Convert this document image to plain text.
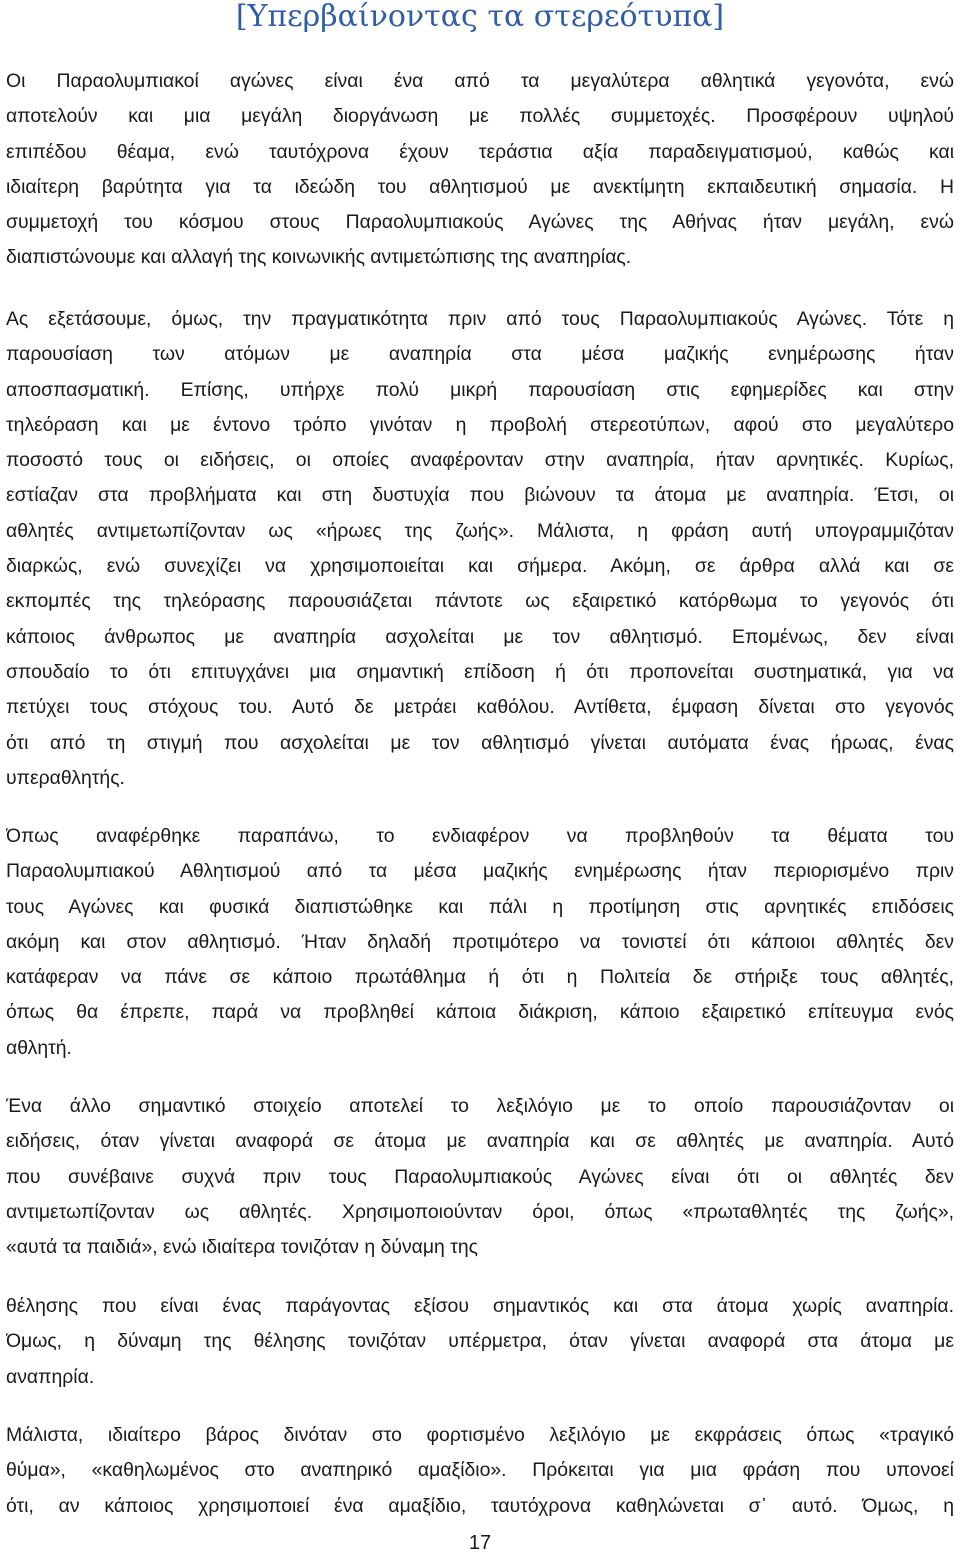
[Υπερβαίνοντας τα στερεότυπα]
Οι Παραολυμπιακοί αγώνες είναι ένα από τα μεγαλύτερα αθλητικά γεγονότα, ενώ
αποτελούν και μια μεγάλη διοργάνωση με πολλές συμμετοχές. Προσφέρουν υψηλού
επιπέδου θέαμα, ενώ ταυτόχρονα έχουν τεράστια αξία παραδειγματισμού, καθώς και
ιδιαίτερη βαρύτητα για τα ιδεώδη του αθλητισμού με ανεκτίμητη εκπαιδευτική σημασία. Η
συμμετοχή του κόσμου στους Παραολυμπιακούς Αγώνες της Αθήνας ήταν μεγάλη, ενώ
διαπιστώνουμε και αλλαγή της κοινωνικής αντιμετώπισης της αναπηρίας.
Ας εξετάσουμε, όμως, την πραγματικότητα πριν από τους Παραολυμπιακούς Αγώνες. Τότε η
παρουσίαση των ατόμων με αναπηρία στα μέσα μαζικής ενημέρωσης ήταν
αποσπασματική. Επίσης, υπήρχε πολύ μικρή παρουσίαση στις εφημερίδες και στην
τηλεόραση και με έντονο τρόπο γινόταν η προβολή στερεοτύπων, αφού στο μεγαλύτερο
ποσοστό τους οι ειδήσεις, οι οποίες αναφέρονταν στην αναπηρία, ήταν αρνητικές. Κυρίως,
εστίαζαν στα προβλήματα και στη δυστυχία που βιώνουν τα άτομα με αναπηρία. Έτσι, οι
αθλητές αντιμετωπίζονταν ως «ήρωες της ζωής». Μάλιστα, η φράση αυτή υπογραμμιζόταν
διαρκώς, ενώ συνεχίζει να χρησιμοποιείται και σήμερα. Ακόμη, σε άρθρα αλλά και σε
εκπομπές της τηλεόρασης παρουσιάζεται πάντοτε ως εξαιρετικό κατόρθωμα το γεγονός ότι
κάποιος άνθρωπος με αναπηρία ασχολείται με τον αθλητισμό. Επομένως, δεν είναι
σπουδαίο το ότι επιτυγχάνει μια σημαντική επίδοση ή ότι προπονείται συστηματικά, για να
πετύχει τους στόχους του. Αυτό δε μετράει καθόλου. Αντίθετα, έμφαση δίνεται στο γεγονός
ότι από τη στιγμή που ασχολείται με τον αθλητισμό γίνεται αυτόματα ένας ήρωας, ένας
υπεραθλητής.
Όπως αναφέρθηκε παραπάνω, το ενδιαφέρον να προβληθούν τα θέματα του
Παραολυμπιακού Αθλητισμού από τα μέσα μαζικής ενημέρωσης ήταν περιορισμένο πριν
τους Αγώνες και φυσικά διαπιστώθηκε και πάλι η προτίμηση στις αρνητικές επιδόσεις
ακόμη και στον αθλητισμό. Ήταν δηλαδή προτιμότερο να τονιστεί ότι κάποιοι αθλητές δεν
κατάφεραν να πάνε σε κάποιο πρωτάθλημα ή ότι η Πολιτεία δε στήριξε τους αθλητές,
όπως θα έπρεπε, παρά να προβληθεί κάποια διάκριση, κάποιο εξαιρετικό επίτευγμα ενός
αθλητή.
Ένα άλλο σημαντικό στοιχείο αποτελεί το λεξιλόγιο με το οποίο παρουσιάζονταν οι
ειδήσεις, όταν γίνεται αναφορά σε άτομα με αναπηρία και σε αθλητές με αναπηρία. Αυτό
που συνέβαινε συχνά πριν τους Παραολυμπιακούς Αγώνες είναι ότι οι αθλητές δεν
αντιμετωπίζονταν ως αθλητές. Χρησιμοποιούνταν όροι, όπως «πρωταθλητές της ζωής»,
«αυτά τα παιδιά», ενώ ιδιαίτερα τονιζόταν η δύναμη της
θέλησης που είναι ένας παράγοντας εξίσου σημαντικός και στα άτομα χωρίς αναπηρία.
Όμως, η δύναμη της θέλησης τονιζόταν υπέρμετρα, όταν γίνεται αναφορά στα άτομα με
αναπηρία.
Μάλιστα, ιδιαίτερο βάρος δινόταν στο φορτισμένο λεξιλόγιο με εκφράσεις όπως «τραγικό
θύμα», «καθηλωμένος στο αναπηρικό αμαξίδιο». Πρόκειται για μια φράση που υπονοεί
ότι, αν κάποιος χρησιμοποιεί ένα αμαξίδιο, ταυτόχρονα καθηλώνεται σ᾽ αυτό. Όμως, η
17
